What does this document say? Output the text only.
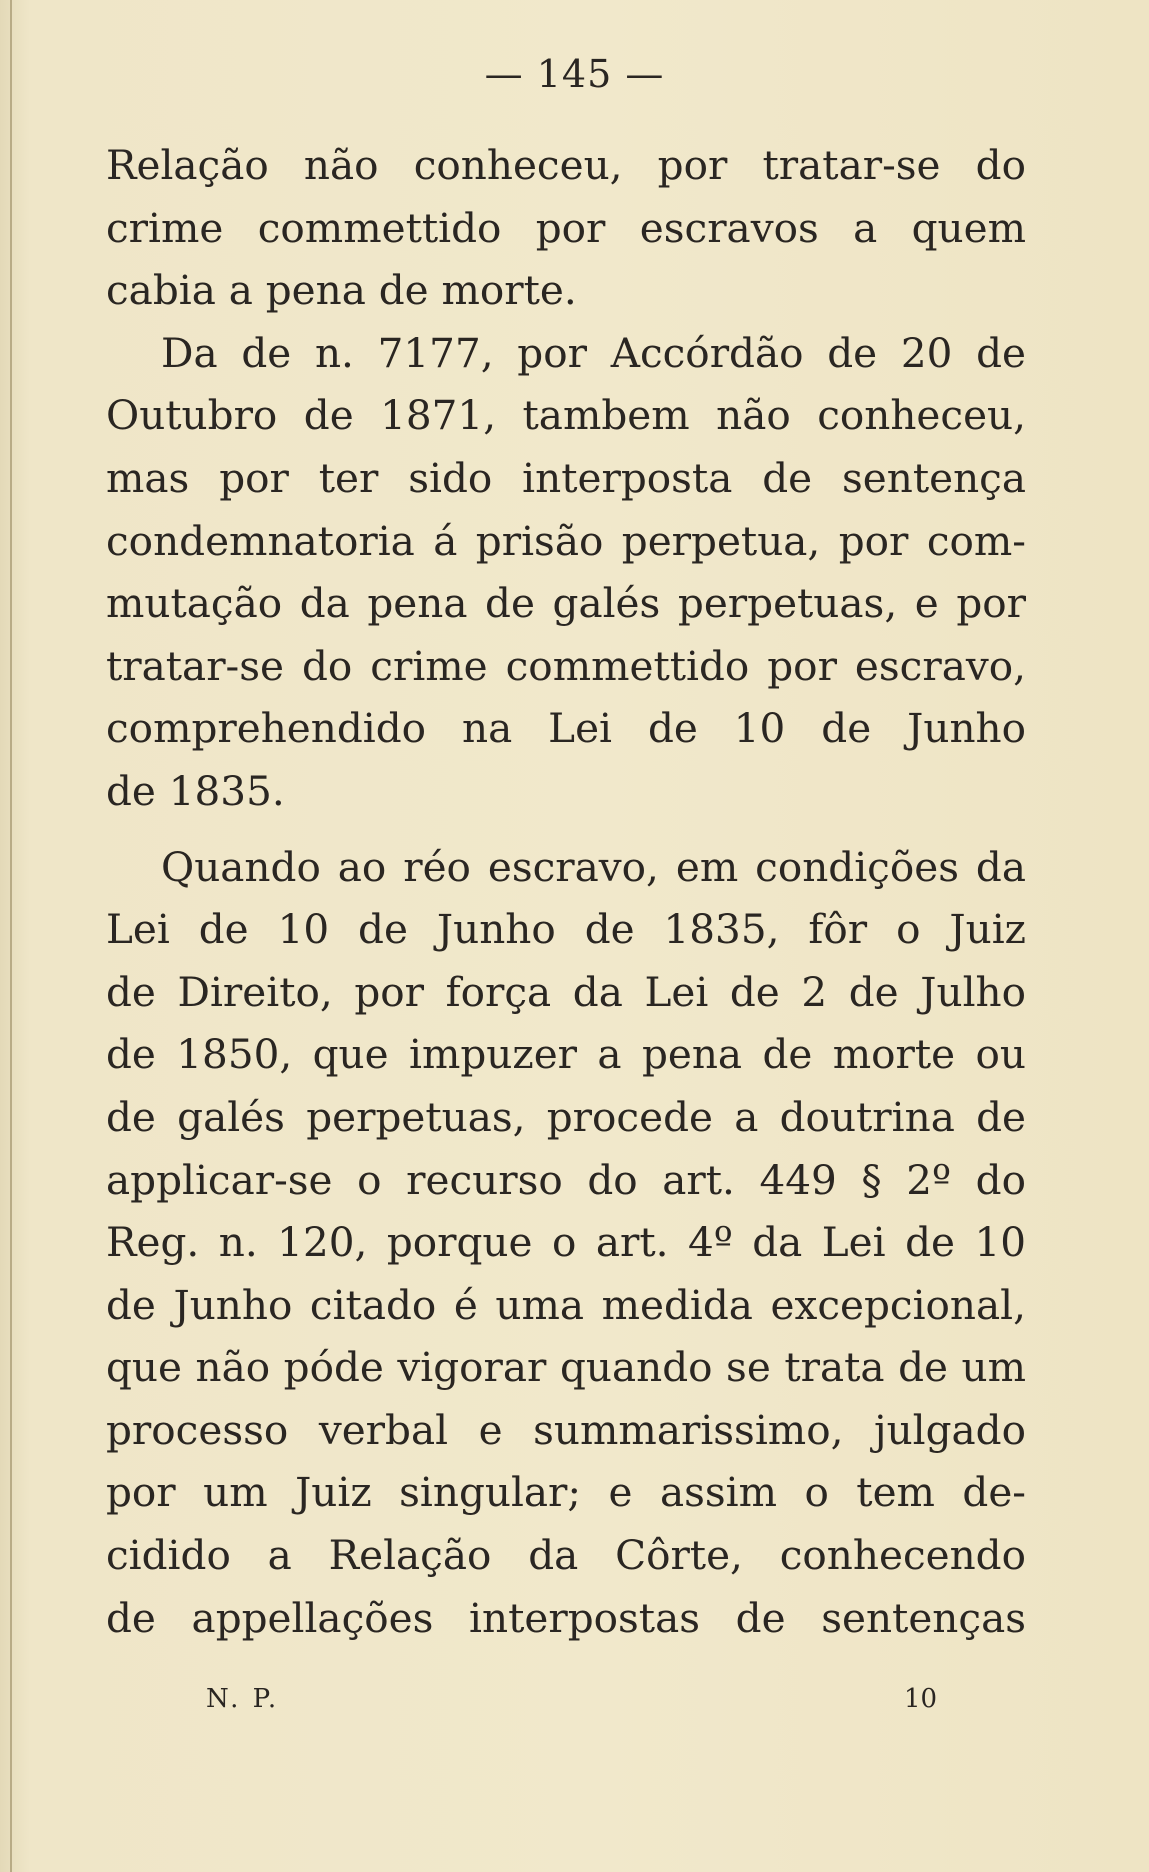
— 145 —
Relação não conheceu, por tratar-se do
crime commettido por escravos a quem
cabia a pena de morte.
Da de n. 7177, por Accórdão de 20 de
Outubro de 1871, tambem não conheceu,
mas por ter sido interposta de sentença
condemnatoria á prisão perpetua, por com-
mutação da pena de galés perpetuas, e por
tratar-se do crime commettido por escravo,
comprehendido na Lei de 10 de Junho
de 1835.
Quando ao réo escravo, em condições da
Lei de 10 de Junho de 1835, fôr o Juiz
de Direito, por força da Lei de 2 de Julho
de 1850, que impuzer a pena de morte ou
de galés perpetuas, procede a doutrina de
applicar-se o recurso do art. 449 § 2º do
Reg. n. 120, porque o art. 4º da Lei de 10
de Junho citado é uma medida excepcional,
que não póde vigorar quando se trata de um
processo verbal e summarissimo, julgado
por um Juiz singular; e assim o tem de-
cidido a Relação da Côrte, conhecendo
de appellações interpostas de sentenças
N. P.	10
